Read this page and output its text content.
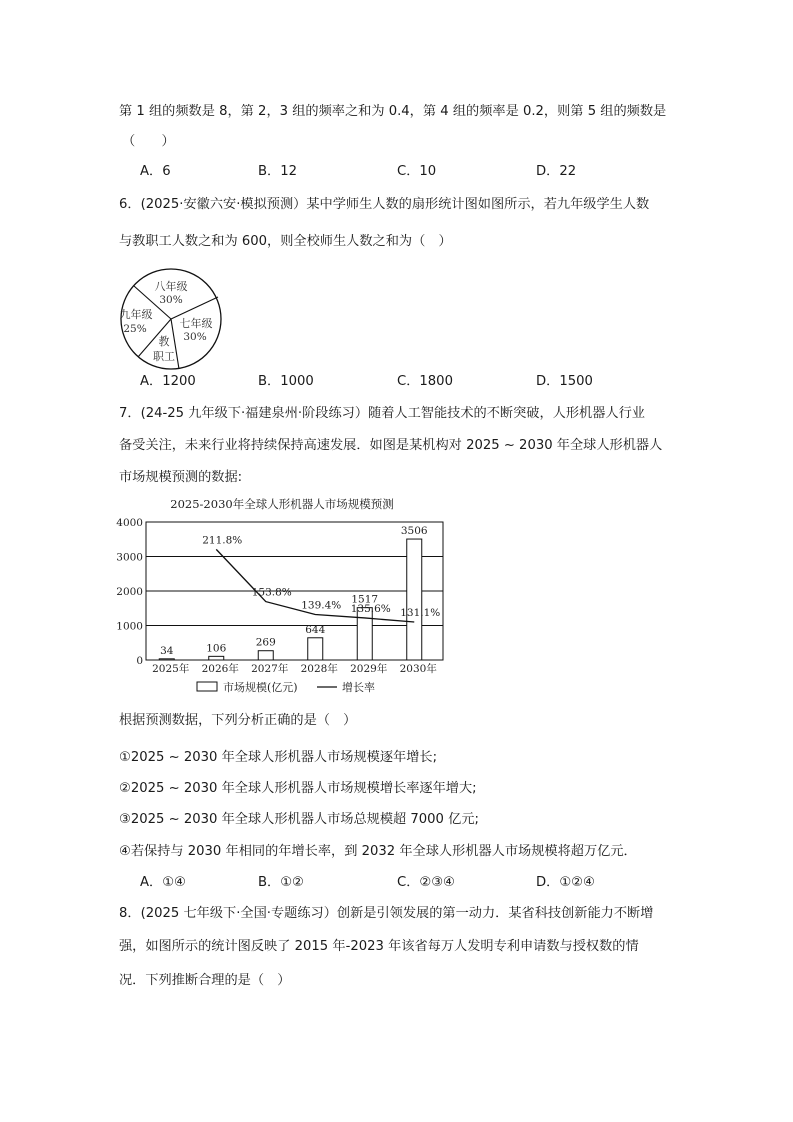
第 1 组的频数是 8，第 2，3 组的频率之和为 0.4，第 4 组的频率是 0.2，则第 5 组的频数是
（　　）
A．6	B．12	C．10	D．22
6．(2025·安徽六安·模拟预测）某中学师生人数的扇形统计图如图所示，若九年级学生人数
与教职工人数之和为 600，则全校师生人数之和为（　）
八年级
30%
七年级
30%
九年级
25%
教
职工
A．1200	B．1000	C．1800	D．1500
7．(24-25 九年级下·福建泉州·阶段练习）随着人工智能技术的不断突破，人形机器人行业
备受关注，未来行业将持续保持高速发展．如图是某机构对 2025 ~ 2030 年全球人形机器人
市场规模预测的数据:
2025-2030年全球人形机器人市场规模预测
0
1000
2000
3000
4000
34	106	269
644
1517
3506
211.8%
153.8%
139.4% 135.6% 131.1%
2025年 2026年 2027年 2028年 2029年 2030年
市场规模(亿元)	增长率
根据预测数据，下列分析正确的是（　）
①2025 ~ 2030 年全球人形机器人市场规模逐年增长;
②2025 ~ 2030 年全球人形机器人市场规模增长率逐年增大;
③2025 ~ 2030 年全球人形机器人市场总规模超 7000 亿元;
④若保持与 2030 年相同的年增长率，到 2032 年全球人形机器人市场规模将超万亿元．
A．①④	B．①②	C．②③④	D．①②④
8．(2025 七年级下·全国·专题练习）创新是引领发展的第一动力．某省科技创新能力不断增
强，如图所示的统计图反映了 2015 年-2023 年该省每万人发明专利申请数与授权数的情
况．下列推断合理的是（　）
